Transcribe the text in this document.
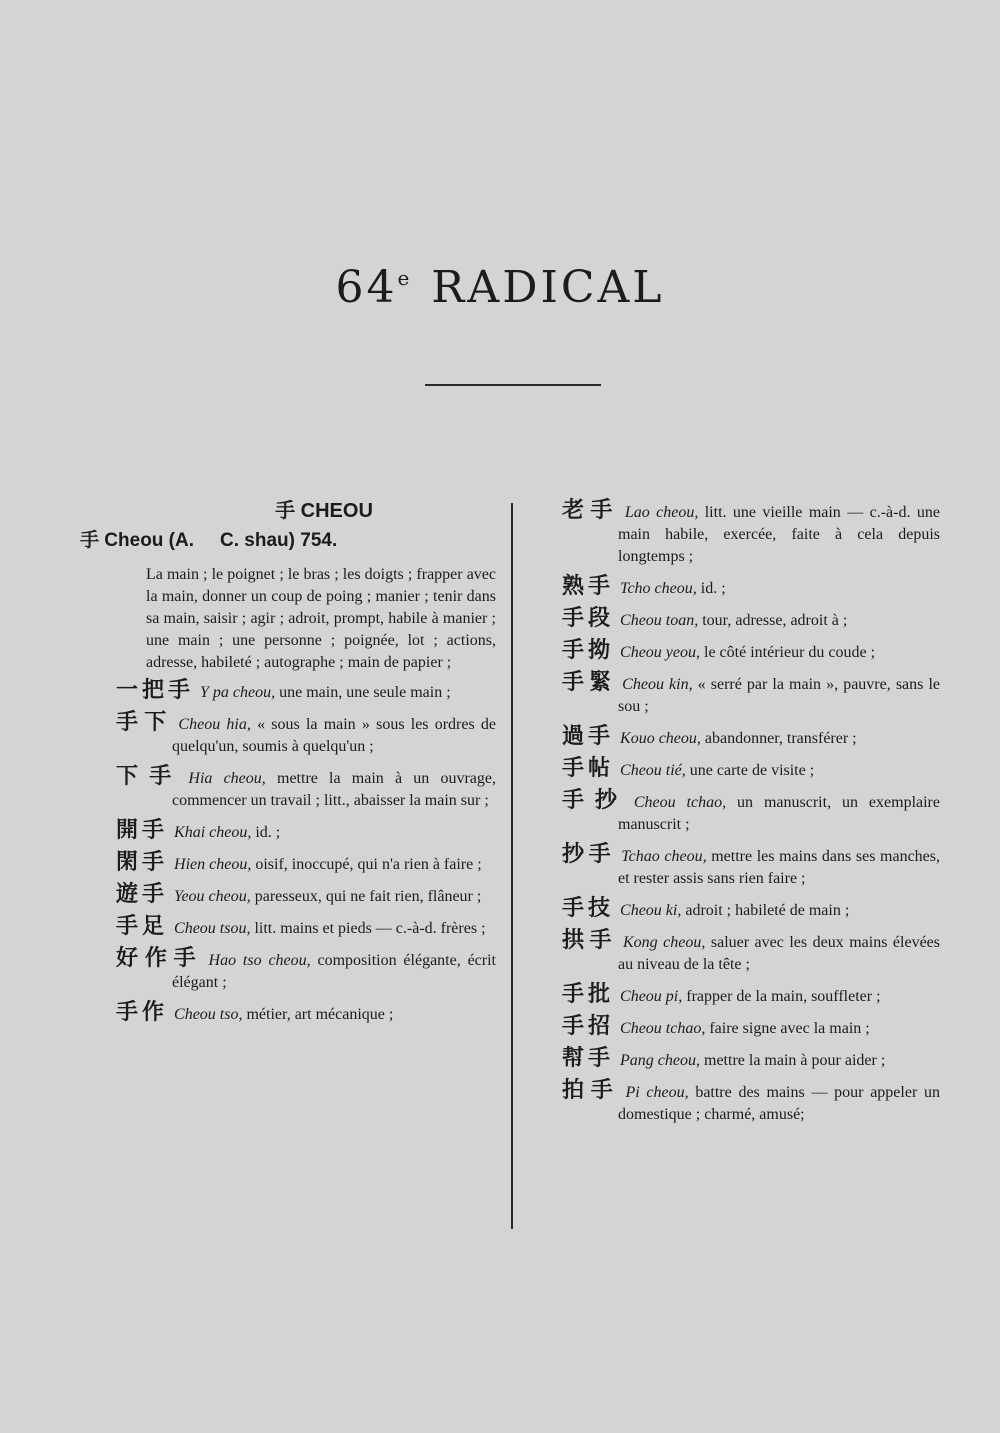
64e RADICAL
手 CHEOU
手 Cheou (A. C. shau) 754.

La main ; le poignet ; le bras ; les doigts ; frapper avec la main, donner un coup de poing ; manier ; tenir dans sa main, saisir ; agir ; adroit, prompt, habile à manier ; une main ; une personne ; poignée, lot ; actions, adresse, habileté ; autographe ; main de papier ;

一把手 Y pa cheou, une main, une seule main ;

手下 Cheou hia, « sous la main » sous les ordres de quelqu'un, soumis à quelqu'un ;

下手 Hia cheou, mettre la main à un ouvrage, commencer un travail ; litt., abaisser la main sur ;

開手 Khai cheou, id. ;

閑手 Hien cheou, oisif, inoccupé, qui n'a rien à faire ;

遊手 Yeou cheou, paresseux, qui ne fait rien, flâneur ;

手足 Cheou tsou, litt. mains et pieds — c.-à-d. frères ;

好作手 Hao tso cheou, composition élégante, écrit élégant ;

手作 Cheou tso, métier, art mécanique ;

老手 Lao cheou, litt. une vieille main — c.-à-d. une main habile, exercée, faite à cela depuis longtemps ;

熟手 Tcho cheou, id. ;

手段 Cheou toan, tour, adresse, adroit à ;

手拗 Cheou yeou, le côté intérieur du coude ;

手緊 Cheou kin, « serré par la main », pauvre, sans le sou ;

過手 Kouo cheou, abandonner, transférer ;

手帖 Cheou tié, une carte de visite ;

手抄 Cheou tchao, un manuscrit, un exemplaire manuscrit ;

抄手 Tchao cheou, mettre les mains dans ses manches, et rester assis sans rien faire ;

手技 Cheou ki, adroit ; habileté de main ;

拱手 Kong cheou, saluer avec les deux mains élevées au niveau de la tête ;

手批 Cheou pi, frapper de la main, souffleter ;

手招 Cheou tchao, faire signe avec la main ;

幇手 Pang cheou, mettre la main à pour aider ;

拍手 Pi cheou, battre des mains — pour appeler un domestique ; charmé, amusé;
